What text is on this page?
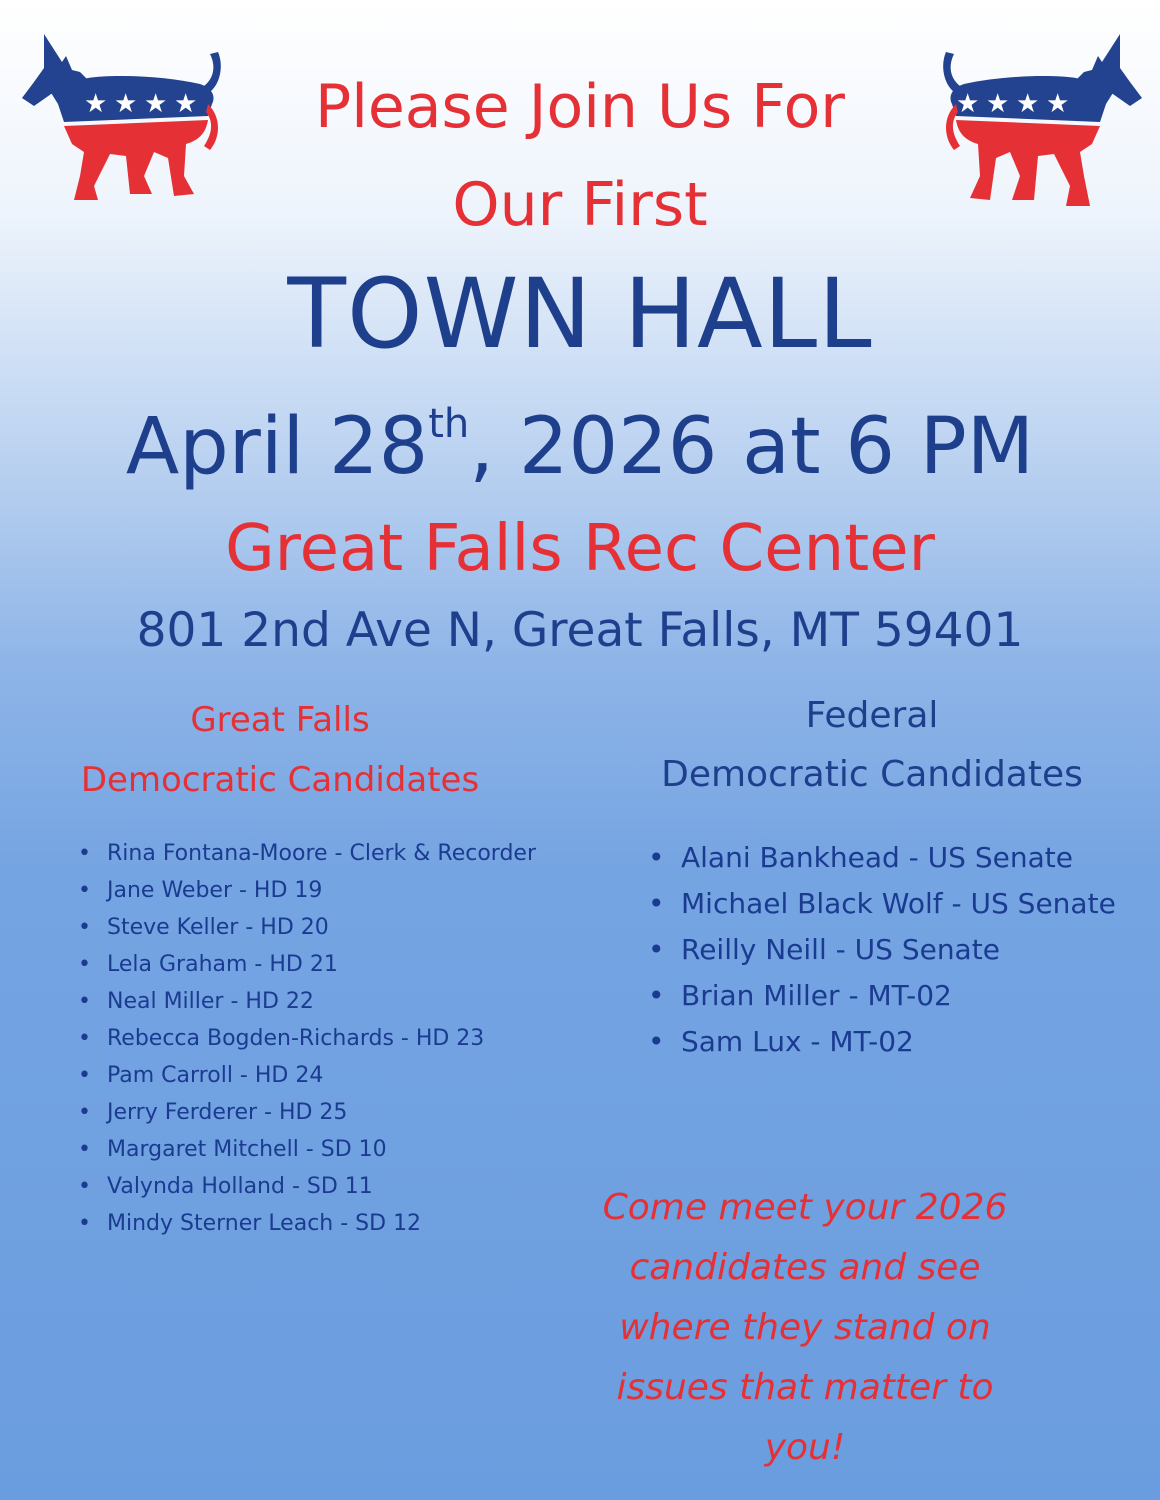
★ ★ ★ ★	★ ★ ★ ★
Please Join Us For
Our First
TOWN HALL
April 28th, 2026 at 6 PM
Great Falls Rec Center
801 2nd Ave N, Great Falls, MT 59401
Great Falls
Democratic Candidates
Federal
Democratic Candidates
• Rina Fontana-Moore - Clerk & Recorder
• Jane Weber - HD 19
• Steve Keller - HD 20
• Lela Graham - HD 21
• Neal Miller - HD 22
• Rebecca Bogden-Richards - HD 23
• Pam Carroll - HD 24
• Jerry Ferderer - HD 25
• Margaret Mitchell - SD 10
• Valynda Holland - SD 11
• Mindy Sterner Leach - SD 12
• Alani Bankhead - US Senate
• Michael Black Wolf - US Senate
• Reilly Neill - US Senate
• Brian Miller - MT-02
• Sam Lux - MT-02
Come meet your 2026
candidates and see
where they stand on
issues that matter to
you!
